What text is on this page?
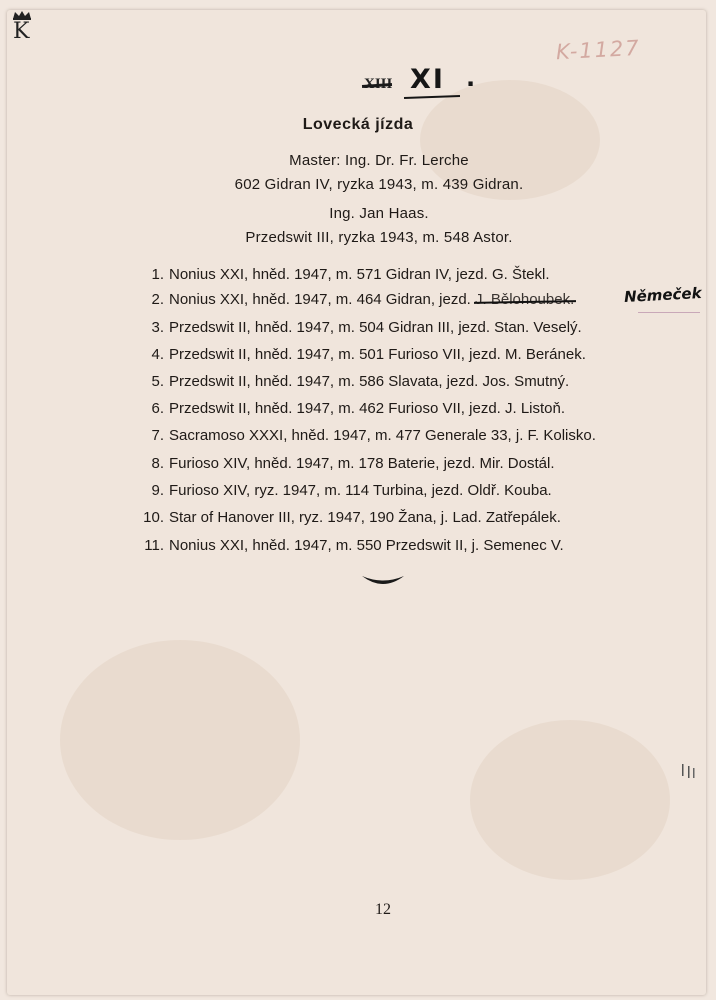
K
K-1127
XIII XI .
Lovecká jízda
Master: Ing. Dr. Fr. Lerche
602 Gidran IV, ryzka 1943, m. 439 Gidran.
Ing. Jan Haas.
Przedswit III, ryzka 1943, m. 548 Astor.
1. Nonius XXI, hněd. 1947, m. 571 Gidran IV, jezd. G. Štekl.
2. Nonius XXI, hněd. 1947, m. 464 Gidran, jezd. J. Bělohoubek.
3. Przedswit II, hněd. 1947, m. 504 Gidran III, jezd. Stan. Veselý.
4. Przedswit II, hněd. 1947, m. 501 Furioso VII, jezd. M. Beránek.
5. Przedswit II, hněd. 1947, m. 586 Slavata, jezd. Jos. Smutný.
6. Przedswit II, hněd. 1947, m. 462 Furioso VII, jezd. J. Listoň.
7. Sacramoso XXXI, hněd. 1947, m. 477 Generale 33, j. F. Kolisko.
8. Furioso XIV, hněd. 1947, m. 178 Baterie, jezd. Mir. Dostál.
9. Furioso XIV, ryz. 1947, m. 114 Turbina, jezd. Oldř. Kouba.
10. Star of Hanover III, ryz. 1947, 190 Žana, j. Lad. Zatřepálek.
11. Nonius XXI, hněd. 1947, m. 550 Przedswit II, j. Semenec V.
Němeček
12
